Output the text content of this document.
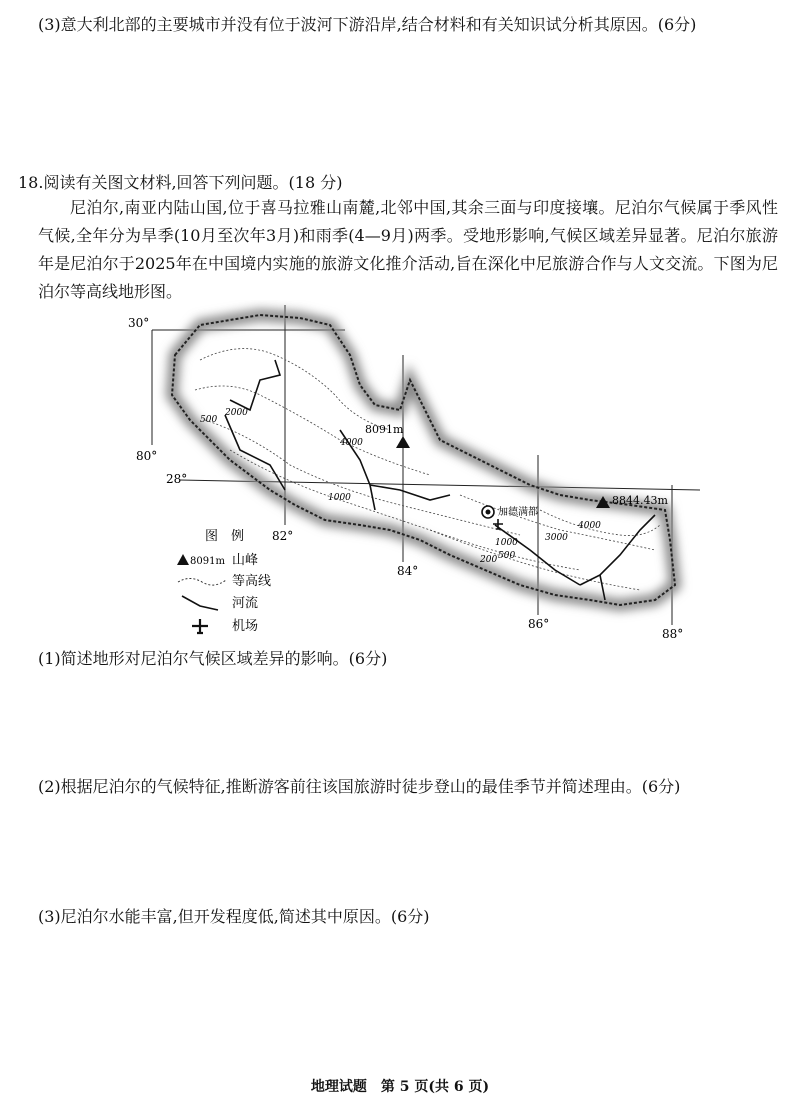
(3)意大利北部的主要城市并没有位于波河下游沿岸,结合材料和有关知识试分析其原因。(6分)
18.阅读有关图文材料,回答下列问题。(18 分)
尼泊尔,南亚内陆山国,位于喜马拉雅山南麓,北邻中国,其余三面与印度接壤。尼泊尔气候属于季风性气候,全年分为旱季(10月至次年3月)和雨季(4—9月)两季。受地形影响,气候区域差异显著。尼泊尔旅游年是尼泊尔于2025年在中国境内实施的旅游文化推介活动,旨在深化中尼旅游合作与人文交流。下图为尼泊尔等高线地形图。
30°
28°
80°
82°
84°
86°
88°
2000
500
4000
1000
4000
3000
1000
500
200
8091m
8844.43m
加德满都
图　例
8091m 山峰
等高线
河流
机场
(1)简述地形对尼泊尔气候区域差异的影响。(6分)
(2)根据尼泊尔的气候特征,推断游客前往该国旅游时徒步登山的最佳季节并简述理由。(6分)
(3)尼泊尔水能丰富,但开发程度低,简述其中原因。(6分)
地理试题　第 5 页(共 6 页)
